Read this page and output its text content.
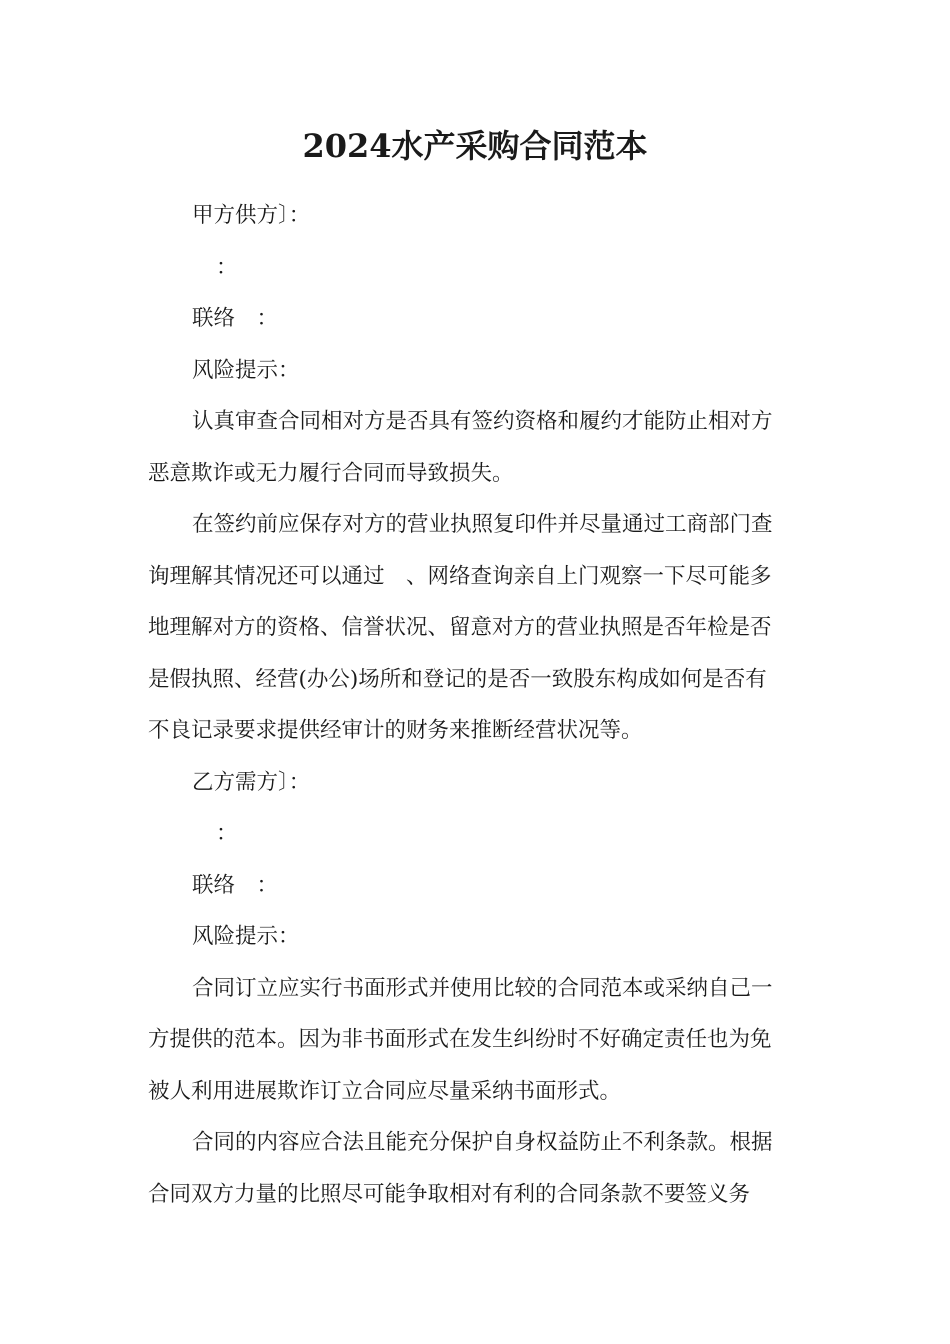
2024水产采购合同范本
甲方供方〕：
：
联络　：
风险提示：
认真审查合同相对方是否具有签约资格和履约才能防止相对方
恶意欺诈或无力履行合同而导致损失。
在签约前应保存对方的营业执照复印件并尽量通过工商部门查
询理解其情况还可以通过　、网络查询亲自上门观察一下尽可能多
地理解对方的资格、信誉状况、留意对方的营业执照是否年检是否
是假执照、经营(办公)场所和登记的是否一致股东构成如何是否有
不良记录要求提供经审计的财务来推断经营状况等。
乙方需方〕：
：
联络　：
风险提示：
合同订立应实行书面形式并使用比较的合同范本或采纳自己一
方提供的范本。因为非书面形式在发生纠纷时不好确定责任也为免
被人利用进展欺诈订立合同应尽量采纳书面形式。
合同的内容应合法且能充分保护自身权益防止不利条款。根据
合同双方力量的比照尽可能争取相对有利的合同条款不要签义务
